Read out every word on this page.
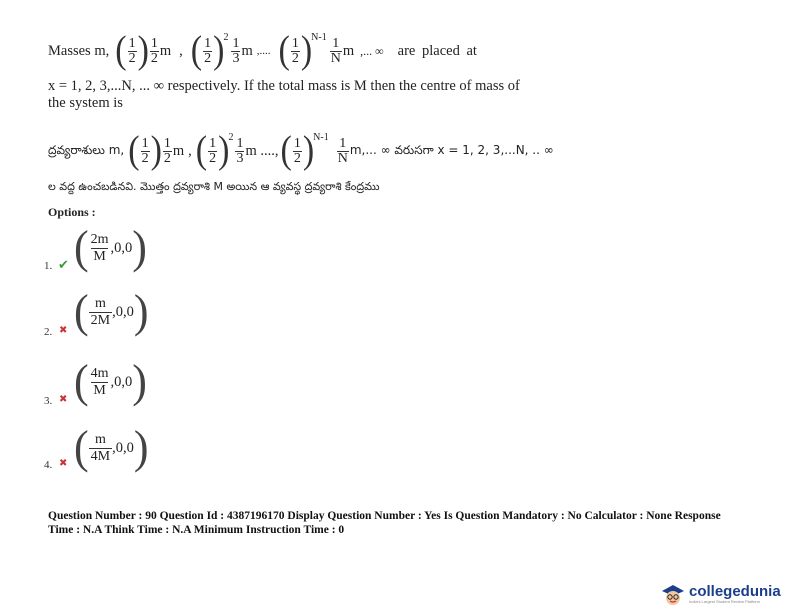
Masses m, ( $\frac{1}{2}$ ) $\frac{1}{2}$ m , ( $\frac{1}{2}$ ) $2 \frac{1}{3}$ m ,.... ( $\frac{1}{2}$ ) $N-1 \frac{1}{N}$ m ,... ∞ are placed at
x = 1, 2, 3,...N, ... ∞ respectively. If the total mass is M then the centre of mass of
the system is
ద్రవ్యరాశులు m, ( $\frac{1}{2}$ ) $\frac{1}{2}$ m , ( $\frac{1}{2}$ ) $2 \frac{1}{3}$ m ...., ( $\frac{1}{2}$ ) $N-1 \frac{1}{N} m$,... ∞ వరుసగా x = 1, 2, 3,...N, .. ∞
ల వద్ద ఉంచబడినవి. మొత్తం ద్రవ్యరాశి M అయిన ఆ వ్యవస్థ ద్రవ్యరాశి కేంద్రము
Options :
1. ✔ ( $\frac{2m}{M} ,0,0$ )
2. ✖ ( $\frac{m}{2M} ,0,0$ )
3. ✖ ( $\frac{4m}{M} ,0,0$ )
4. ✖ ( $\frac{m}{4M} ,0,0$ )
Question Number : 90 Question Id : 4387196170 Display Question Number : Yes Is Question Mandatory : No Calculator : None Response
Time : N.A Think Time : N.A Minimum Instruction Time : 0
collegedunia
India's Largest Student Review Platform
